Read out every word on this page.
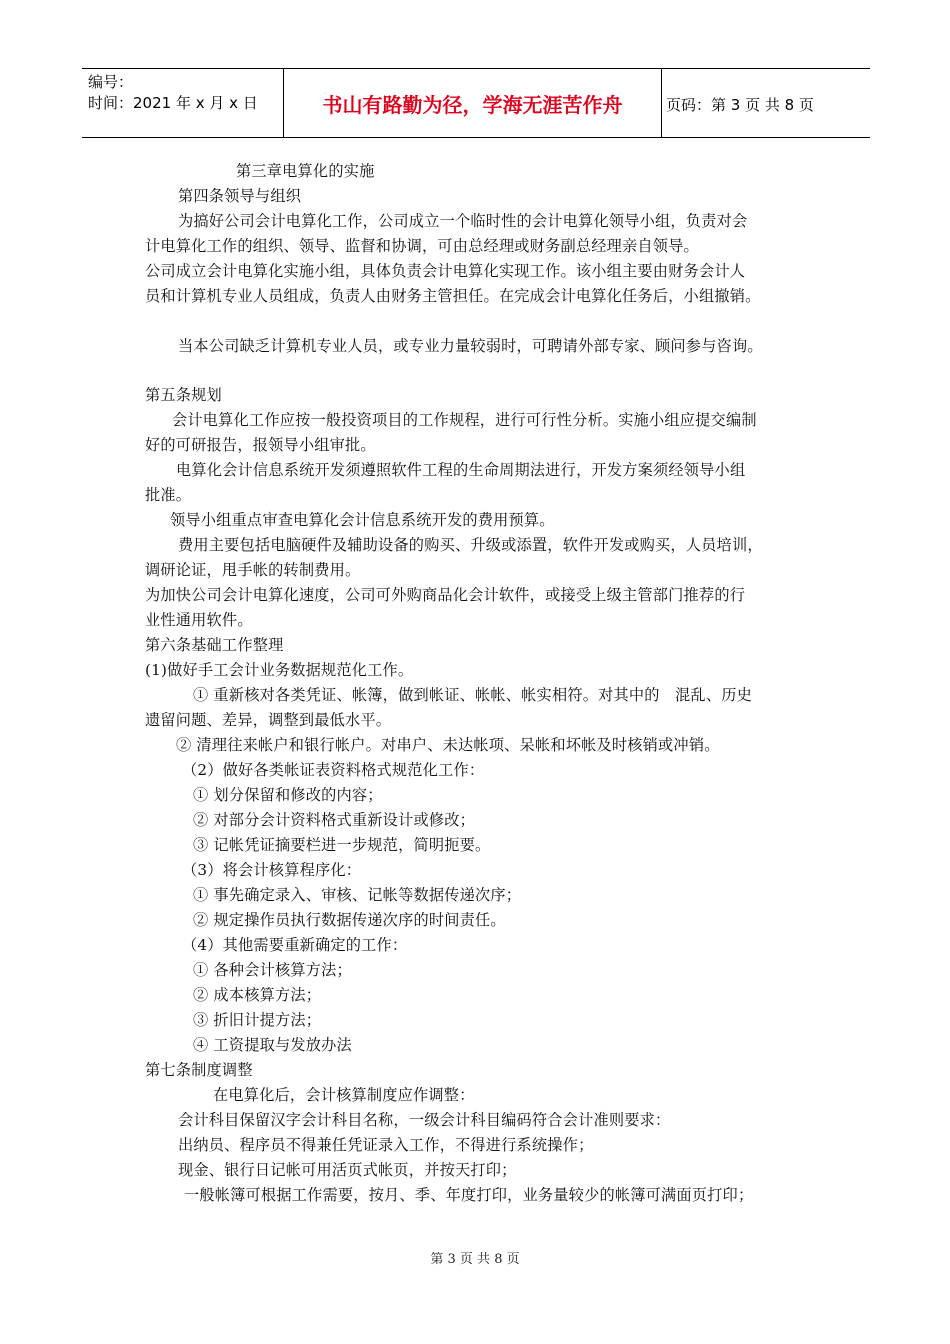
编号：
时间：2021 年 x 月 x 日	书山有路勤为径，学海无涯苦作舟	页码：第 3 页 共 8 页
第三章电算化的实施
第四条领导与组织
为搞好公司会计电算化工作，公司成立一个临时性的会计电算化领导小组，负责对会
计电算化工作的组织、领导、监督和协调，可由总经理或财务副总经理亲自领导。
公司成立会计电算化实施小组，具体负责会计电算化实现工作。该小组主要由财务会计人
员和计算机专业人员组成，负责人由财务主管担任。在完成会计电算化任务后，小组撤销。
当本公司缺乏计算机专业人员，或专业力量较弱时，可聘请外部专家、顾问参与咨询。
第五条规划
会计电算化工作应按一般投资项目的工作规程，进行可行性分析。实施小组应提交编制
好的可研报告，报领导小组审批。
电算化会计信息系统开发须遵照软件工程的生命周期法进行，开发方案须经领导小组
批准。
领导小组重点审查电算化会计信息系统开发的费用预算。
费用主要包括电脑硬件及辅助设备的购买、升级或添置，软件开发或购买，人员培训，
调研论证，甩手帐的转制费用。
为加快公司会计电算化速度，公司可外购商品化会计软件，或接受上级主管部门推荐的行
业性通用软件。
第六条基础工作整理
(1)做好手工会计业务数据规范化工作。
① 重新核对各类凭证、帐簿，做到帐证、帐帐、帐实相符。对其中的　混乱、历史
遗留问题、差异，调整到最低水平。
② 清理往来帐户和银行帐户。对串户、未达帐项、呆帐和坏帐及时核销或冲销。
（2）做好各类帐证表资料格式规范化工作：
① 划分保留和修改的内容；
② 对部分会计资料格式重新设计或修改；
③ 记帐凭证摘要栏进一步规范，简明扼要。
（3）将会计核算程序化：
① 事先确定录入、审核、记帐等数据传递次序；
② 规定操作员执行数据传递次序的时间责任。
（4）其他需要重新确定的工作：
① 各种会计核算方法；
② 成本核算方法；
③ 折旧计提方法；
④ 工资提取与发放办法
第七条制度调整
在电算化后，会计核算制度应作调整：
会计科目保留汉字会计科目名称，一级会计科目编码符合会计准则要求：
出纳员、程序员不得兼任凭证录入工作，不得进行系统操作；
现金、银行日记帐可用活页式帐页，并按天打印；
一般帐簿可根据工作需要，按月、季、年度打印，业务量较少的帐簿可满面页打印；
第 3 页 共 8 页
